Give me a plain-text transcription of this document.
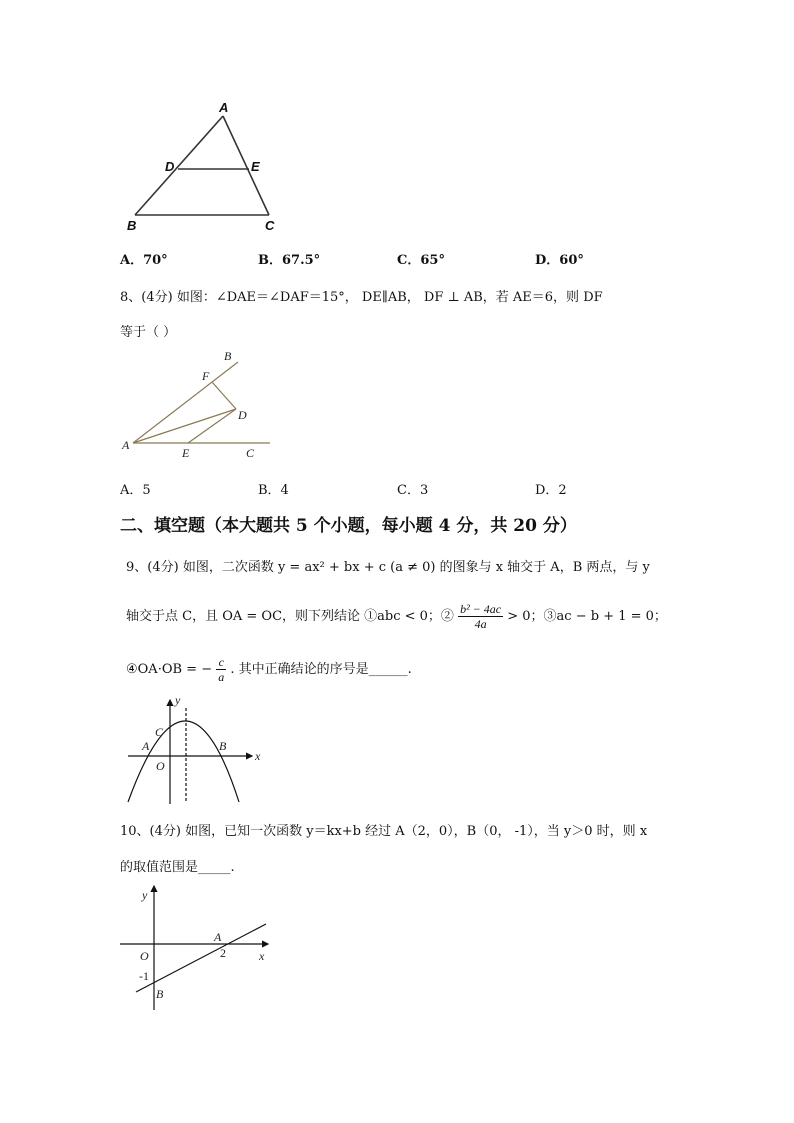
A
D	E
B	C
A．70°	B．67.5°	C．65°	D．60°
8、(4分) 如图：∠DAE＝∠DAF＝15°， DE∥AB， DF ⊥ AB，若 AE＝6，则 DF
等于（ ）
A
B
F
D
E	C
A．5	B．4	C．3	D．2
二、填空题（本大题共 5 个小题，每小题 4 分，共 20 分）
9、(4分) 如图，二次函数 y = ax² + bx + c (a ≠ 0) 的图象与 x 轴交于 A，B 两点，与 y
轴交于点 C，且 OA = OC，则下列结论 ①abc < 0；② $\frac{\text{b² − 4ac}}{4a} > 0$；③ac − b + 1 = 0；
④OA·OB = − $\frac{c}{a}$ . 其中正确结论的序号是______.
y
x
C
A	B
O
10、(4分) 如图，已知一次函数 y＝kx+b 经过 A（2，0），B（0， -1），当 y＞0 时，则 x
的取值范围是_____.
y
A
x
2
O
-1
B
